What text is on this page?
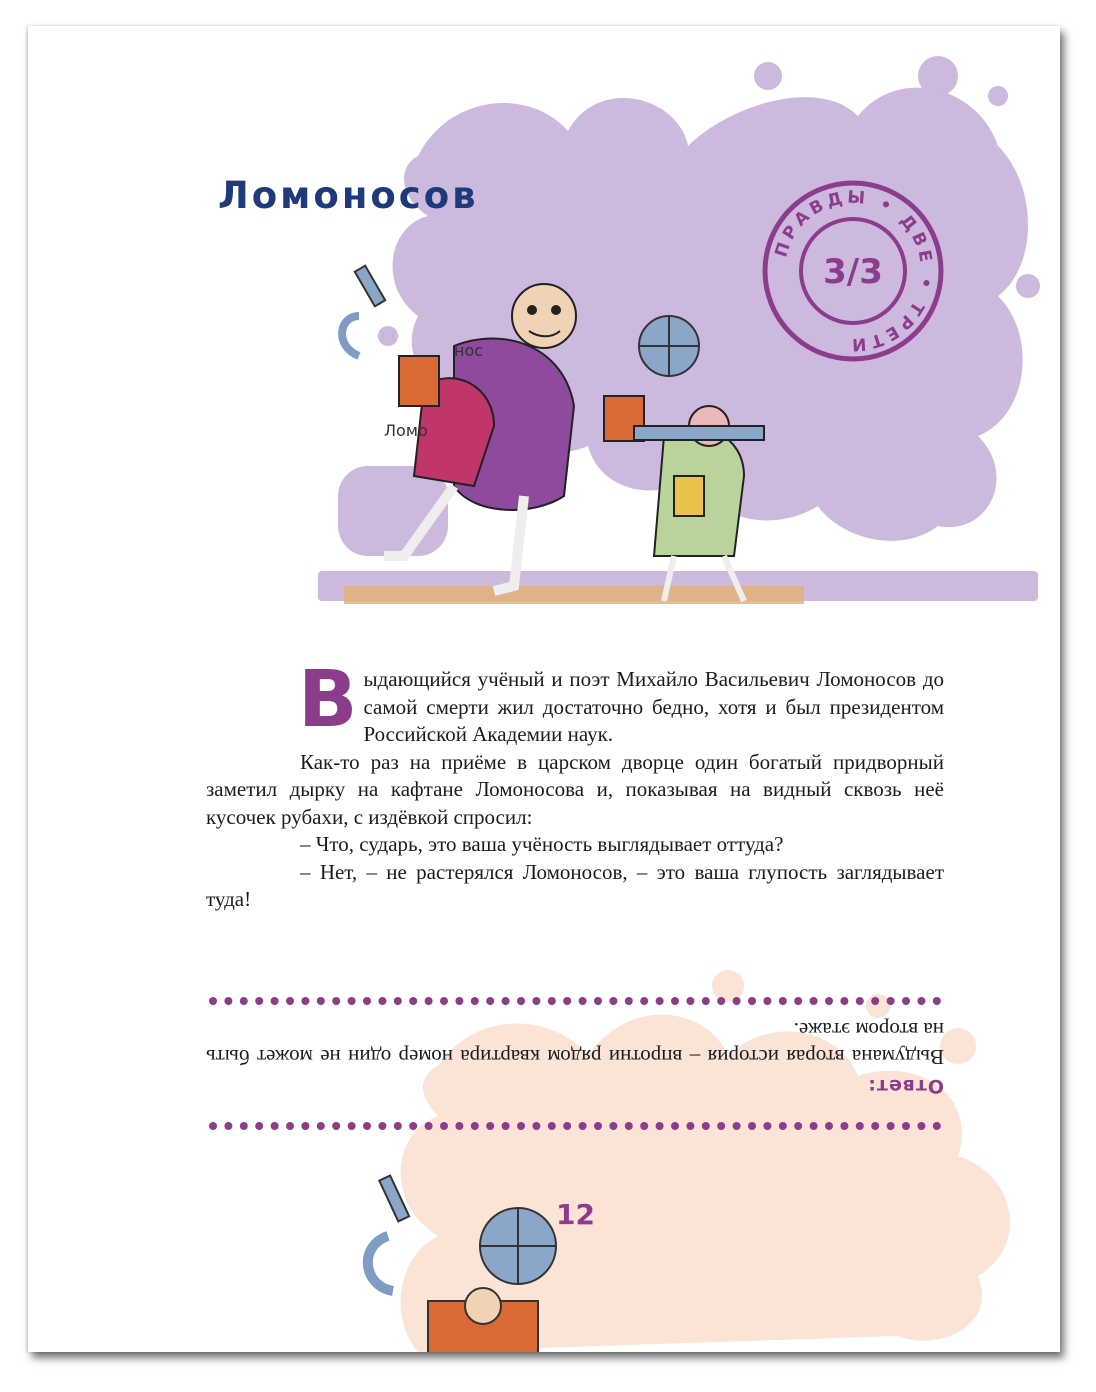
Ломоносов
Ломо
нос
ПРАВДЫ • ДВЕ • ТРЕТИ
3/3

Выдающийся учёный и поэт Михайло Васильевич Ломоносов до самой смерти жил достаточно бедно, хотя и был президентом Российской Академии наук.

Как-то раз на приёме в царском дворце один богатый придворный заметил дырку на кафтане Ломоносова и, показывая на видный сквозь неё кусочек рубахи, с издёвкой спросил:

– Что, сударь, это ваша учёность выглядывает оттуда?

– Нет, – не растерялся Ломоносов, – это ваша глупость заглядывает туда!

Ответ:
Выдумана вторая история – впротни рядом квартира номер один не может быть на втором этаже.
12
